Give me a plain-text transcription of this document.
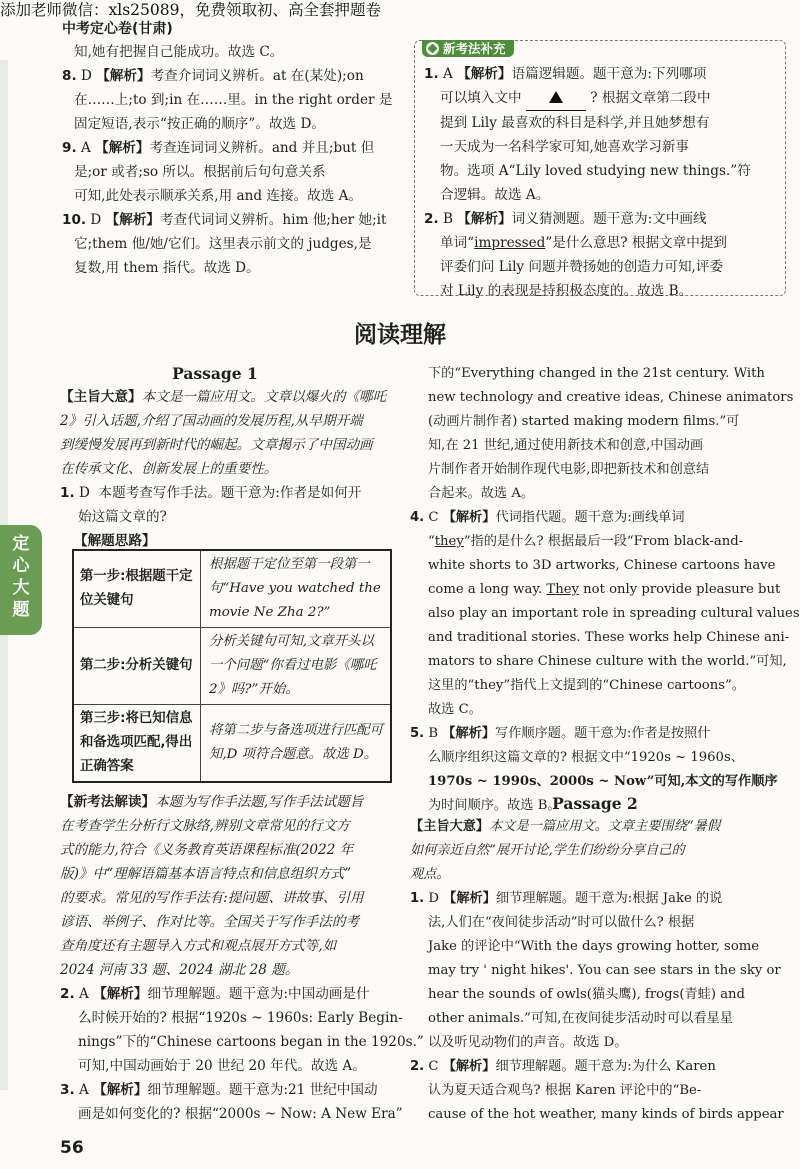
添加老师微信：xls25089，免费领取初、高全套押题卷
中考定心卷(甘肃)
定
心
大
题
知,她有把握自己能成功。故选 C。
8. D 【解析】考查介词词义辨析。at 在(某处);on
在……上;to 到;in 在……里。in the right order 是
固定短语,表示“按正确的顺序”。故选 D。
9. A 【解析】考查连词词义辨析。and 并且;but 但
是;or 或者;so 所以。根据前后句句意关系
可知,此处表示顺承关系,用 and 连接。故选 A。
10. D 【解析】考查代词词义辨析。him 他;her 她;it
它;them 他/她/它们。这里表示前文的 judges,是
复数,用 them 指代。故选 D。
新考法补充
1. A 【解析】语篇逻辑题。题干意为:下列哪项
可以填入文中	? 根据文章第二段中
提到 Lily 最喜欢的科目是科学,并且她梦想有
一天成为一名科学家可知,她喜欢学习新事
物。选项 A“Lily loved studying new things.”符
合逻辑。故选 A。
2. B 【解析】词义猜测题。题干意为:文中画线
单词“impressed”是什么意思? 根据文章中提到
评委们问 Lily 问题并赞扬她的创造力可知,评委
对 Lily 的表现是持积极态度的。故选 B。
阅读理解
Passage 1
【主旨大意】本文是一篇应用文。文章以爆火的《哪吒
2》引入话题,介绍了国动画的发展历程,从早期开端
到缓慢发展再到新时代的崛起。文章揭示了中国动画
在传承文化、创新发展上的重要性。
1. D 本题考查写作手法。题干意为:作者是如何开
始这篇文章的?
【解题思路】
第一步:根据题干定位关键句	根据题干定位至第一段第一句“Have you watched the movie Ne Zha 2?”
第二步:分析关键句	分析关键句可知,文章开头以一个问题“你看过电影《哪吒2》吗?”开始。
第三步:将已知信息和备选项匹配,得出正确答案	将第二步与备选项进行匹配可知,D 项符合题意。故选 D。
【新考法解读】本题为写作手法题,写作手法试题旨
在考查学生分析行文脉络,辨别文章常见的行文方
式的能力,符合《义务教育英语课程标准(2022 年
版)》中“理解语篇基本语言特点和信息组织方式”
的要求。常见的写作手法有:提问题、讲故事、引用
谚语、举例子、作对比等。全国关于写作手法的考
查角度还有主题导入方式和观点展开方式等,如
2024 河南 33 题、2024 湖北 28 题。
2. A 【解析】细节理解题。题干意为:中国动画是什
么时候开始的? 根据“1920s ~ 1960s: Early Begin-
nings”下的“Chinese cartoons began in the 1920s.”
可知,中国动画始于 20 世纪 20 年代。故选 A。
3. A 【解析】细节理解题。题干意为:21 世纪中国动
画是如何变化的? 根据“2000s ~ Now: A New Era”
下的“Everything changed in the 21st century. With
new technology and creative ideas, Chinese animators
(动画片制作者) started making modern films.”可
知,在 21 世纪,通过使用新技术和创意,中国动画
片制作者开始制作现代电影,即把新技术和创意结
合起来。故选 A。
4. C 【解析】代词指代题。题干意为:画线单词
“they”指的是什么? 根据最后一段“From black-and-
white shorts to 3D artworks, Chinese cartoons have
come a long way. They not only provide pleasure but
also play an important role in spreading cultural values
and traditional stories. These works help Chinese ani-
mators to share Chinese culture with the world.”可知,
这里的“they”指代上文提到的“Chinese cartoons”。
故选 C。
5. B 【解析】写作顺序题。题干意为:作者是按照什
么顺序组织这篇文章的? 根据文中“1920s ~ 1960s、
1970s ~ 1990s、2000s ~ Now”可知,本文的写作顺序
为时间顺序。故选 B。
Passage 2
【主旨大意】本文是一篇应用文。文章主要围绕“暑假
如何亲近自然”展开讨论,学生们纷纷分享自己的
观点。
1. D 【解析】细节理解题。题干意为:根据 Jake 的说
法,人们在“夜间徒步活动”时可以做什么? 根据
Jake 的评论中“With the days growing hotter, some
may try ' night hikes'. You can see stars in the sky or
hear the sounds of owls(猫头鹰), frogs(青蛙) and
other animals.”可知,在夜间徒步活动时可以看星星
以及听见动物们的声音。故选 D。
2. C 【解析】细节理解题。题干意为:为什么 Karen
认为夏天适合观鸟? 根据 Karen 评论中的“Be-
cause of the hot weather, many kinds of birds appear
56
